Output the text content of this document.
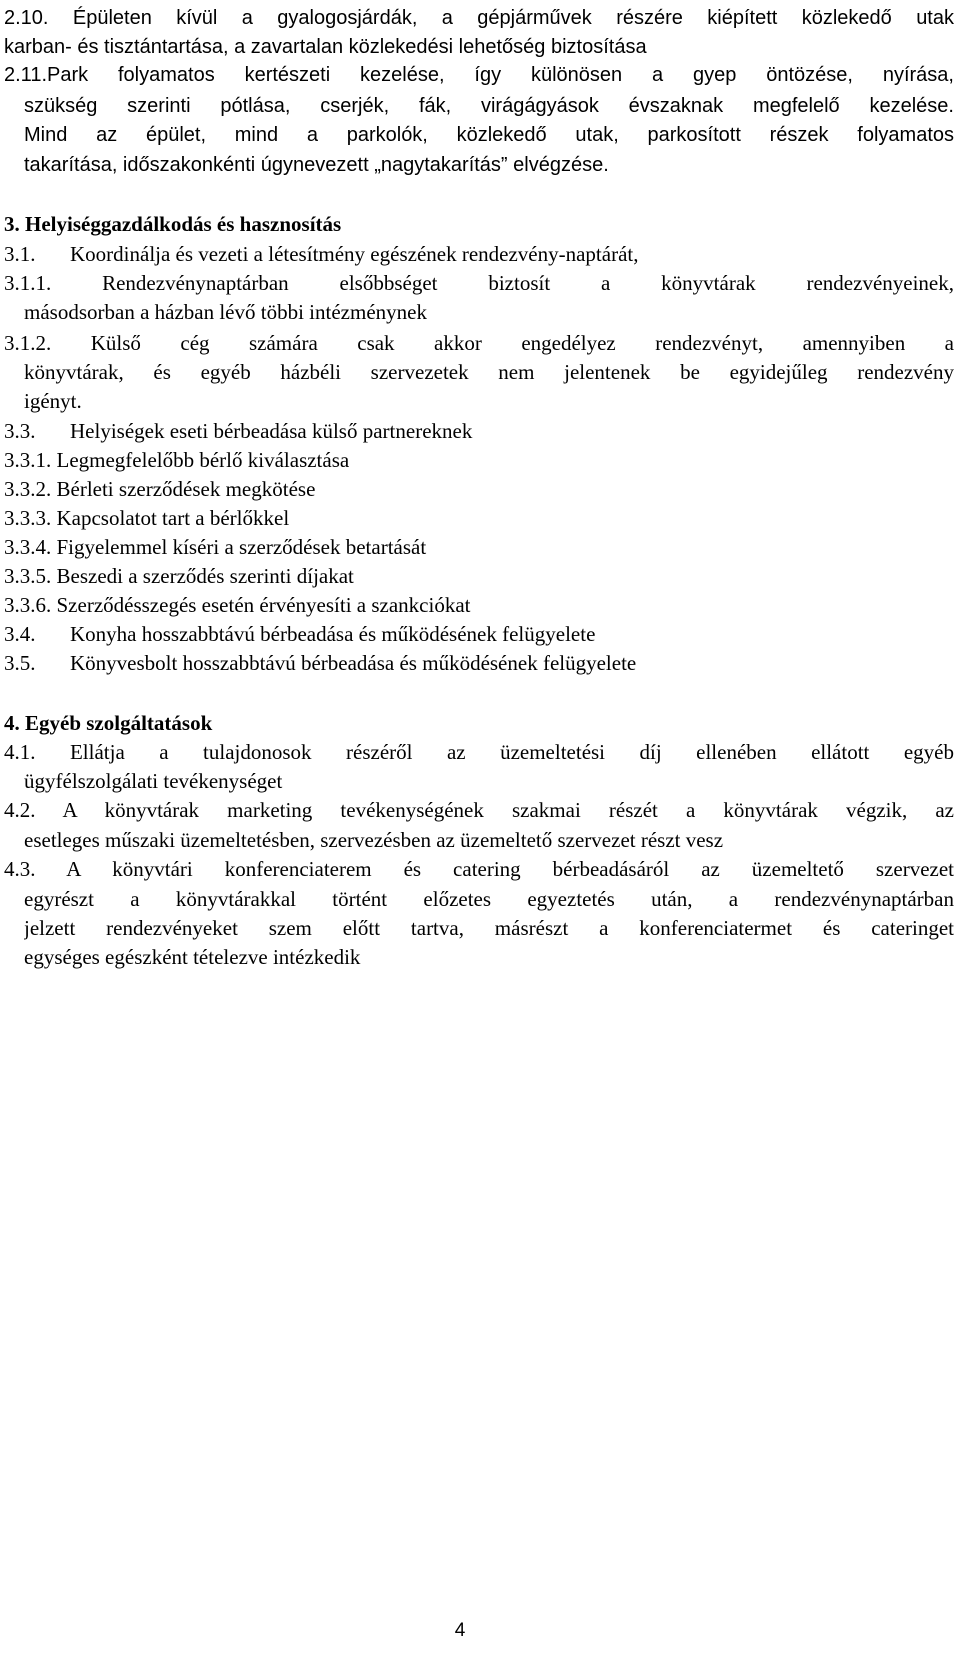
2.10. Épületen kívül a gyalogosjárdák, a gépjárművek részére kiépített közlekedő utak
karban- és tisztántartása, a zavartalan közlekedési lehetőség biztosítása
2.11.Park folyamatos kertészeti kezelése, így különösen a gyep öntözése, nyírása,
szükség szerinti pótlása, cserjék, fák, virágágyások évszaknak megfelelő kezelése.
Mind az épület, mind a parkolók, közlekedő utak, parkosított részek folyamatos
takarítása, időszakonkénti úgynevezett „nagytakarítás” elvégzése.
3. Helyiséggazdálkodás és hasznosítás
3.1. Koordinálja és vezeti a létesítmény egészének rendezvény-naptárát,
3.1.1. Rendezvénynaptárban elsőbbséget biztosít a könyvtárak rendezvényeinek,
másodsorban a házban lévő többi intézménynek
3.1.2. Külső cég számára csak akkor engedélyez rendezvényt, amennyiben a
könyvtárak, és egyéb házbéli szervezetek nem jelentenek be egyidejűleg rendezvény
igényt.
3.3. Helyiségek eseti bérbeadása külső partnereknek
3.3.1. Legmegfelelőbb bérlő kiválasztása
3.3.2. Bérleti szerződések megkötése
3.3.3. Kapcsolatot tart a bérlőkkel
3.3.4. Figyelemmel kíséri a szerződések betartását
3.3.5. Beszedi a szerződés szerinti díjakat
3.3.6. Szerződésszegés esetén érvényesíti a szankciókat
3.4. Konyha hosszabbtávú bérbeadása és működésének felügyelete
3.5. Könyvesbolt hosszabbtávú bérbeadása és működésének felügyelete
4. Egyéb szolgáltatások
4.1. Ellátja a tulajdonosok részéről az üzemeltetési díj ellenében ellátott egyéb
ügyfélszolgálati tevékenységet
4.2. A könyvtárak marketing tevékenységének szakmai részét a könyvtárak végzik, az
esetleges műszaki üzemeltetésben, szervezésben az üzemeltető szervezet részt vesz
4.3. A könyvtári konferenciaterem és catering bérbeadásáról az üzemeltető szervezet
egyrészt a könyvtárakkal történt előzetes egyeztetés után, a rendezvénynaptárban
jelzett rendezvényeket szem előtt tartva, másrészt a konferenciatermet és cateringet
egységes egészként tételezve intézkedik
4
